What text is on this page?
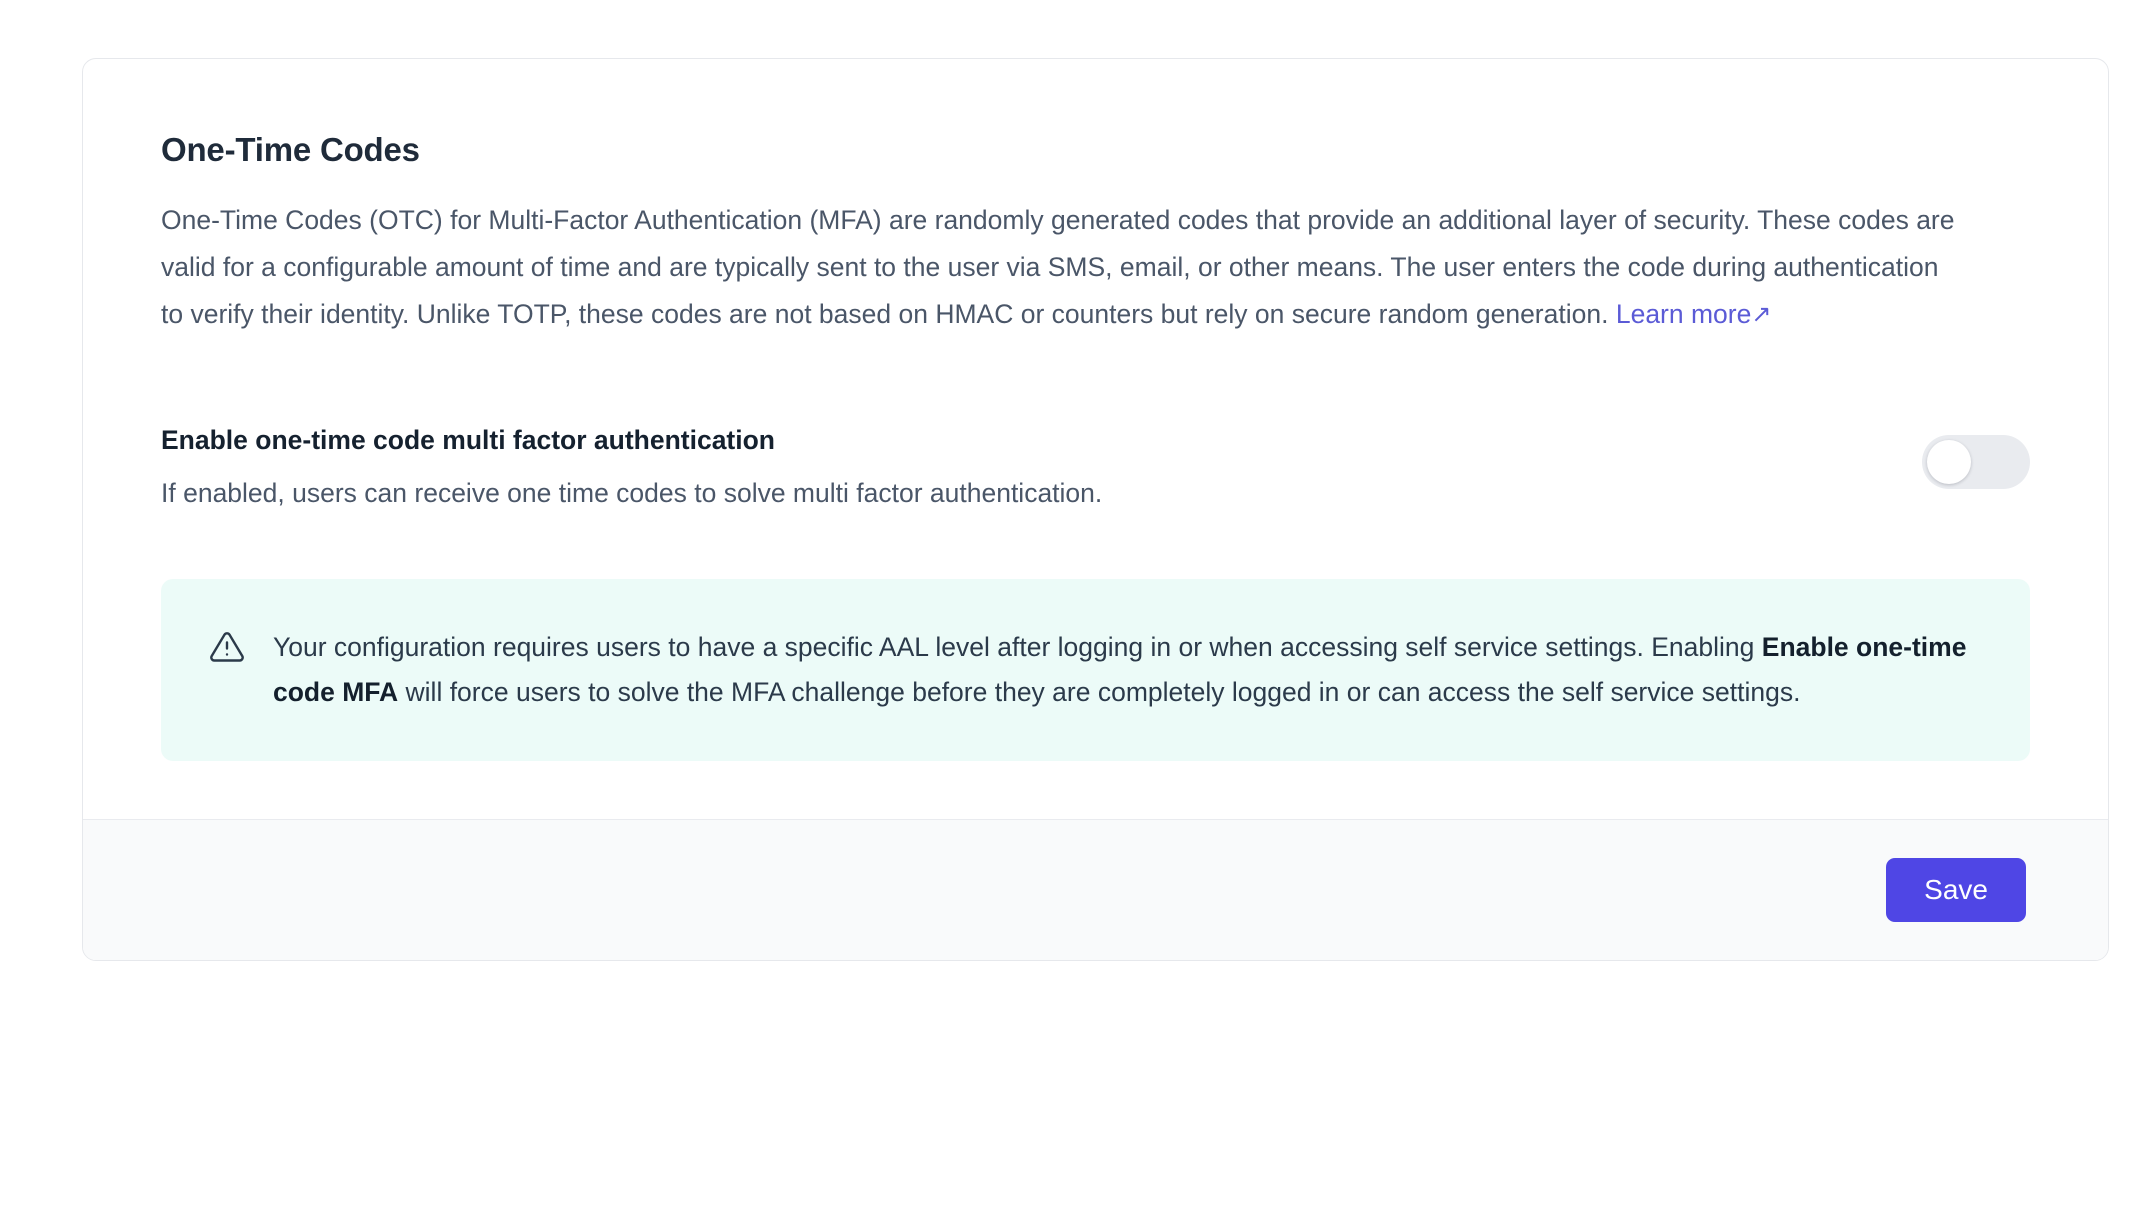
One-Time Codes

One-Time Codes (OTC) for Multi-Factor Authentication (MFA) are randomly generated codes that provide an additional layer of security. These codes are valid for a configurable amount of time and are typically sent to the user via SMS, email, or other means. The user enters the code during authentication to verify their identity. Unlike TOTP, these codes are not based on HMAC or counters but rely on secure random generation. Learn more↗

Enable one-time code multi factor authentication
If enabled, users can receive one time codes to solve multi factor authentication.
Your configuration requires users to have a specific AAL level after logging in or when accessing self service settings. Enabling Enable one-time code MFA will force users to solve the MFA challenge before they are completely logged in or can access the self service settings.
Save
